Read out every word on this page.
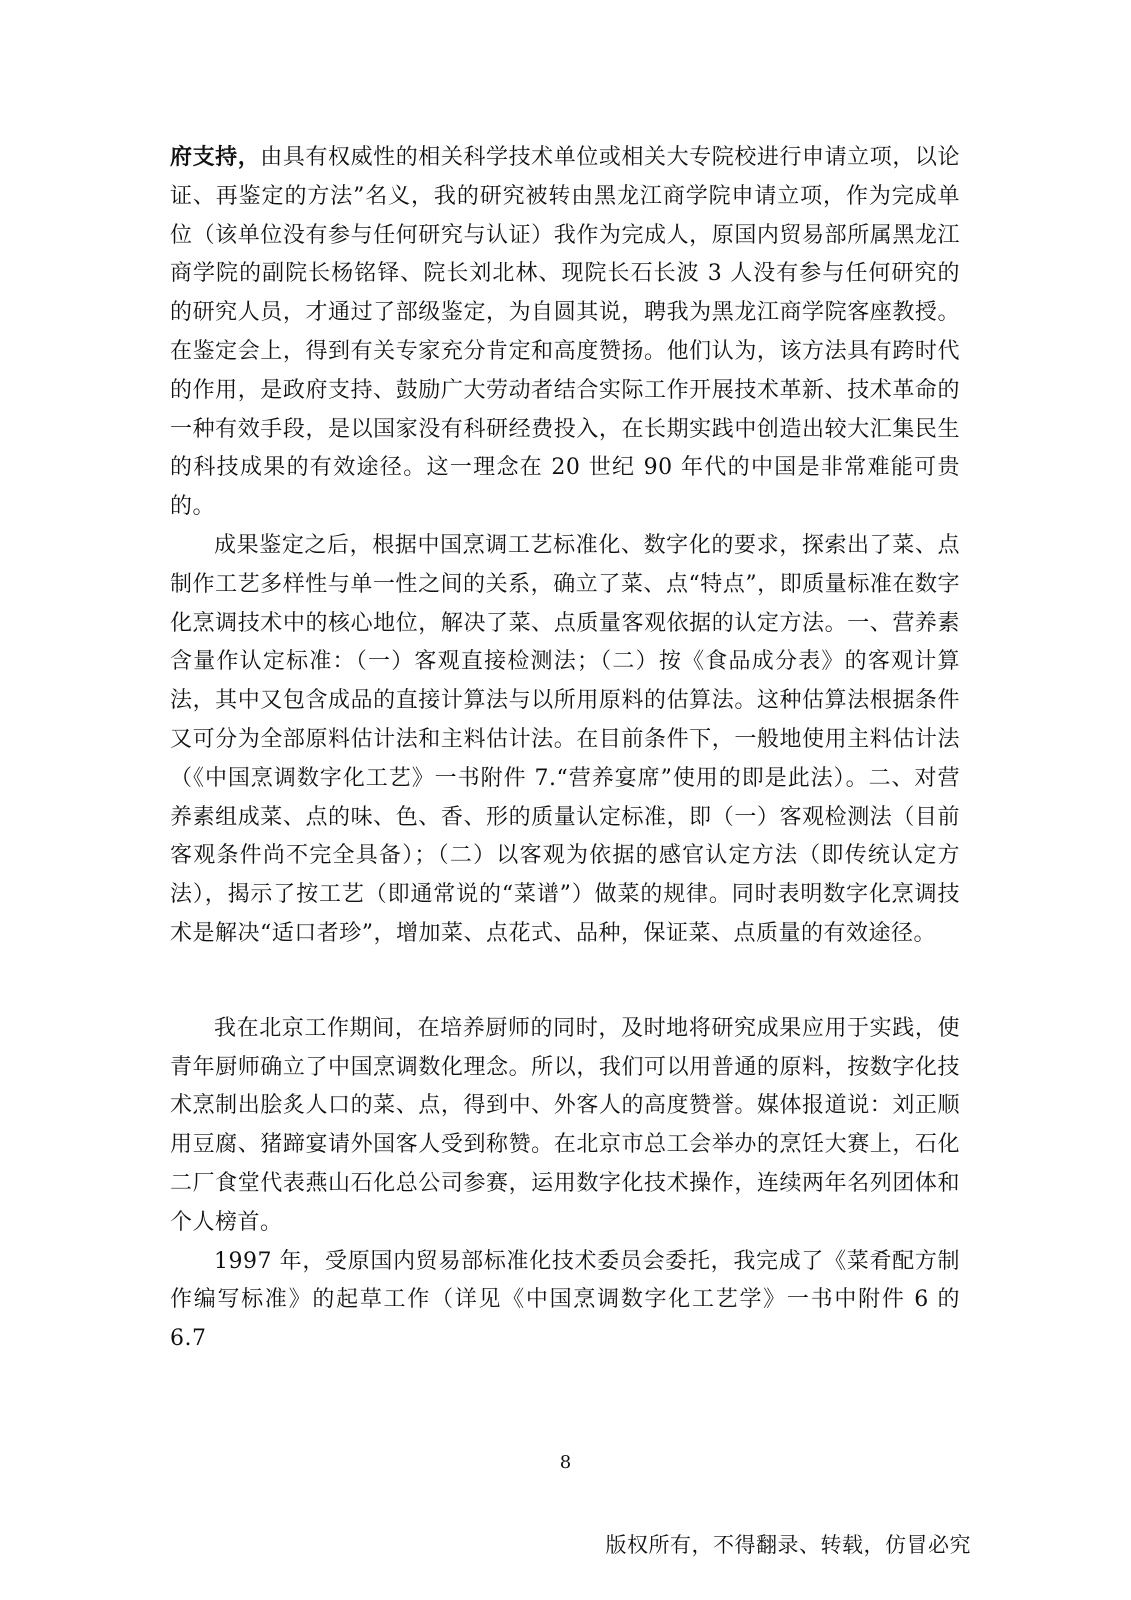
府支持，由具有权威性的相关科学技术单位或相关大专院校进行申请立项，以论证、再鉴定的方法”名义，我的研究被转由黑龙江商学院申请立项，作为完成单位（该单位没有参与任何研究与认证）我作为完成人，原国内贸易部所属黑龙江商学院的副院长杨铭铎、院长刘北林、现院长石长波 3 人没有参与任何研究的的研究人员，才通过了部级鉴定，为自圆其说，聘我为黑龙江商学院客座教授。在鉴定会上，得到有关专家充分肯定和高度赞扬。他们认为，该方法具有跨时代的作用，是政府支持、鼓励广大劳动者结合实际工作开展技术革新、技术革命的一种有效手段，是以国家没有科研经费投入，在长期实践中创造出较大汇集民生的科技成果的有效途径。这一理念在 20 世纪 90 年代的中国是非常难能可贵的。

成果鉴定之后，根据中国烹调工艺标准化、数字化的要求，探索出了菜、点制作工艺多样性与单一性之间的关系，确立了菜、点“特点”，即质量标准在数字化烹调技术中的核心地位，解决了菜、点质量客观依据的认定方法。一、营养素含量作认定标准：（一）客观直接检测法；（二）按《食品成分表》的客观计算法，其中又包含成品的直接计算法与以所用原料的估算法。这种估算法根据条件又可分为全部原料估计法和主料估计法。在目前条件下，一般地使用主料估计法（《中国烹调数字化工艺》一书附件 7.“营养宴席”使用的即是此法）。二、对营养素组成菜、点的味、色、香、形的质量认定标准，即（一）客观检测法（目前客观条件尚不完全具备）；（二）以客观为依据的感官认定方法（即传统认定方法），揭示了按工艺（即通常说的“菜谱”）做菜的规律。同时表明数字化烹调技术是解决“适口者珍”，增加菜、点花式、品种，保证菜、点质量的有效途径。

我在北京工作期间，在培养厨师的同时，及时地将研究成果应用于实践，使青年厨师确立了中国烹调数化理念。所以，我们可以用普通的原料，按数字化技术烹制出脍炙人口的菜、点，得到中、外客人的高度赞誉。媒体报道说：刘正顺用豆腐、猪蹄宴请外国客人受到称赞。在北京市总工会举办的烹饪大赛上，石化二厂食堂代表燕山石化总公司参赛，运用数字化技术操作，连续两年名列团体和个人榜首。

1997 年，受原国内贸易部标准化技术委员会委托，我完成了《菜肴配方制作编写标准》的起草工作（详见《中国烹调数字化工艺学》一书中附件 6 的 6.7

8
版权所有，不得翻录、转载，仿冒必究
